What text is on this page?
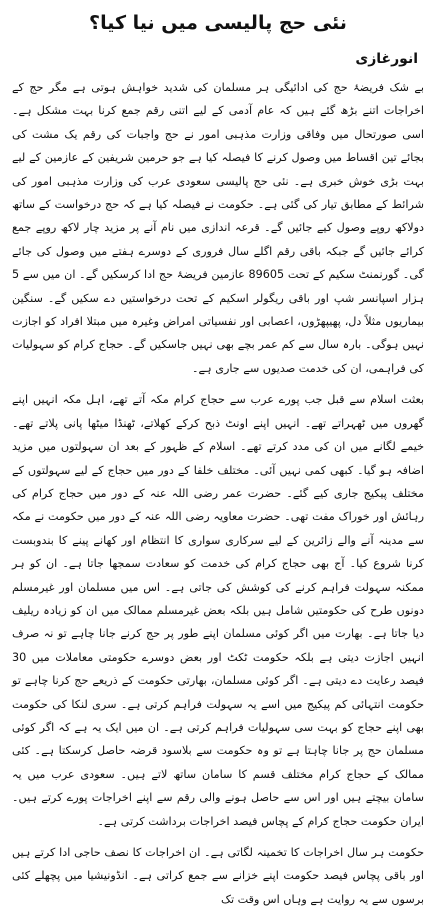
نئی حج پالیسی میں نیا کیا؟
انورغازی

بے شک فریضۂ حج کی ادائیگی ہر مسلمان کی شدید خواہش ہوتی ہے مگر حج کے اخراجات اتنے بڑھ گئے ہیں کہ عام آدمی کے لیے اتنی رقم جمع کرنا بہت مشکل ہے۔ اسی صورتحال میں وفاقی وزارت مذہبی امور نے حج واجبات کی رقم یک مشت کی بجائے تین اقساط میں وصول کرنے کا فیصلہ کیا ہے جو حرمین شریفین کے عازمین کے لیے بہت بڑی خوش خبری ہے۔ نئی حج پالیسی سعودی عرب کی وزارت مذہبی امور کی شرائط کے مطابق تیار کی گئی ہے۔ حکومت نے فیصلہ کیا ہے کہ حج درخواست کے ساتھ دولاکھ روپے وصول کیے جائیں گے۔ قرعہ اندازی میں نام آنے پر مزید چار لاکھ روپے جمع کرائے جائیں گے جبکہ باقی رقم اگلے سال فروری کے دوسرے ہفتے میں وصول کی جائے گی۔ گورنمنٹ سکیم کے تحت 89605 عازمین فریضۂ حج ادا کرسکیں گے۔ ان میں سے 5 ہزار اسپانسر شپ اور باقی ریگولر اسکیم کے تحت درخواستیں دے سکیں گے۔ سنگین بیماریوں مثلاً دل، پھیپھڑوں، اعصابی اور نفسیاتی امراض وغیرہ میں مبتلا افراد کو اجازت نہیں ہوگی۔ بارہ سال سے کم عمر بچے بھی نہیں جاسکیں گے۔ حجاج کرام کو سہولیات کی فراہمی، ان کی خدمت صدیوں سے جاری ہے۔

بعثت اسلام سے قبل جب پورے عرب سے حجاج کرام مکہ آتے تھے، اہل مکہ انہیں اپنے گھروں میں ٹھہراتے تھے۔ انہیں اپنے اونٹ ذبح کرکے کھلاتے، ٹھنڈا میٹھا پانی پلاتے تھے۔ خیمے لگانے میں ان کی مدد کرتے تھے۔ اسلام کے ظہور کے بعد ان سہولتوں میں مزید اضافہ ہو گیا۔ کبھی کمی نہیں آئی۔ مختلف خلفا کے دور میں حجاج کے لیے سہولتوں کے مختلف پیکیج جاری کیے گئے۔ حضرت عمر رضی اللہ عنہ کے دور میں حجاج کرام کی رہائش اور خوراک مفت تھی۔ حضرت معاویہ رضی اللہ عنہ کے دور میں حکومت نے مکہ سے مدینہ آنے والے زائرین کے لیے سرکاری سواری کا انتظام اور کھانے پینے کا بندوبست کرنا شروع کیا۔ آج بھی حجاج کرام کی خدمت کو سعادت سمجھا جاتا ہے۔ ان کو ہر ممکنہ سہولت فراہم کرنے کی کوشش کی جاتی ہے۔ اس میں مسلمان اور غیرمسلم دونوں طرح کی حکومتیں شامل ہیں بلکہ بعض غیرمسلم ممالک میں ان کو زیادہ ریلیف دیا جاتا ہے۔ بھارت میں اگر کوئی مسلمان اپنے طور پر حج کرنے جانا چاہے تو نہ صرف انہیں اجازت دیتی ہے بلکہ حکومت ٹکٹ اور بعض دوسرے حکومتی معاملات میں 30 فیصد رعایت دے دیتی ہے۔ اگر کوئی مسلمان، بھارتی حکومت کے ذریعے حج کرنا چاہے تو حکومت انتہائی کم پیکیج میں اسے یہ سہولت فراہم کرتی ہے۔ سری لنکا کی حکومت بھی اپنے حجاج کو بہت سی سہولیات فراہم کرتی ہے۔ ان میں ایک یہ ہے کہ اگر کوئی مسلمان حج پر جانا چاہتا ہے تو وہ حکومت سے بلاسود قرضہ حاصل کرسکتا ہے۔ کئی ممالک کے حجاج کرام مختلف قسم کا سامان ساتھ لاتے ہیں۔ سعودی عرب میں یہ سامان بیچتے ہیں اور اس سے حاصل ہونے والی رقم سے اپنے اخراجات پورے کرتے ہیں۔ ایران حکومت حجاج کرام کے پچاس فیصد اخراجات برداشت کرتی ہے۔

حکومت ہر سال اخراجات کا تخمینہ لگاتی ہے۔ ان اخراجات کا نصف حاجی ادا کرتے ہیں اور باقی پچاس فیصد حکومت اپنے خزانے سے جمع کراتی ہے۔ انڈونیشیا میں پچھلے کئی برسوں سے یہ روایت ہے وہاں اس وقت تک
